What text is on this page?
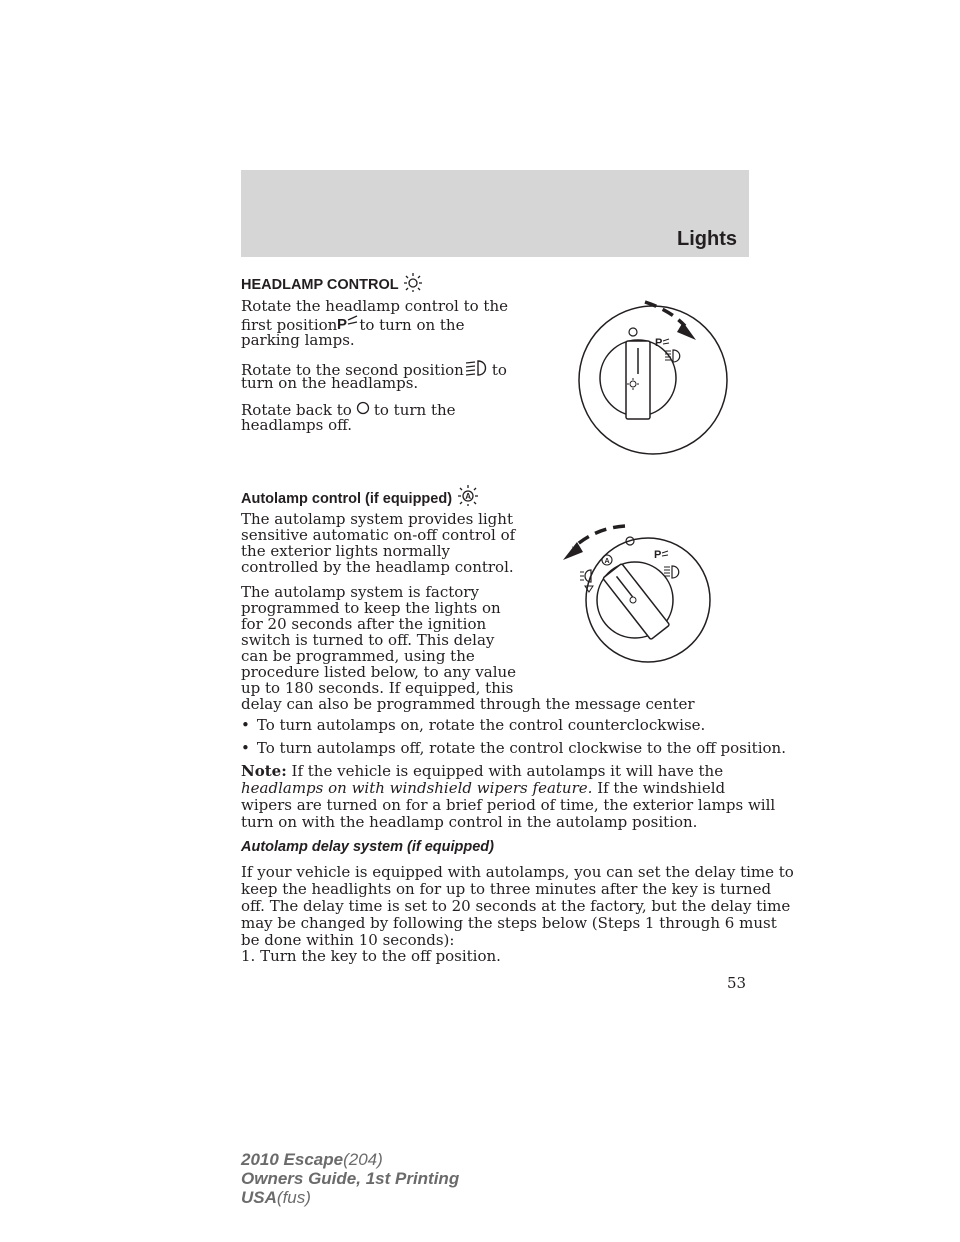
Lights
HEADLAMP CONTROL
Rotate the headlamp control to the
first position P to turn on the
parking lamps.
Rotate to the second position to
turn on the headlamps.
Rotate back to to turn the
headlamps off.
P
Autolamp control (if equipped) A
The autolamp system provides light
sensitive automatic on-off control of
the exterior lights normally
controlled by the headlamp control.
The autolamp system is factory
programmed to keep the lights on
for 20 seconds after the ignition
switch is turned to off. This delay
can be programmed, using the
procedure listed below, to any value
up to 180 seconds. If equipped, this
delay can also be programmed through the message center
A
P
• To turn autolamps on, rotate the control counterclockwise.
• To turn autolamps off, rotate the control clockwise to the off position.
Note: If the vehicle is equipped with autolamps it will have the
headlamps on with windshield wipers feature. If the windshield
wipers are turned on for a brief period of time, the exterior lamps will
turn on with the headlamp control in the autolamp position.
Autolamp delay system (if equipped)
If your vehicle is equipped with autolamps, you can set the delay time to
keep the headlights on for up to three minutes after the key is turned
off. The delay time is set to 20 seconds at the factory, but the delay time
may be changed by following the steps below (Steps 1 through 6 must
be done within 10 seconds):
1. Turn the key to the off position.
53
2010 Escape(204)
Owners Guide, 1st Printing
USA(fus)
